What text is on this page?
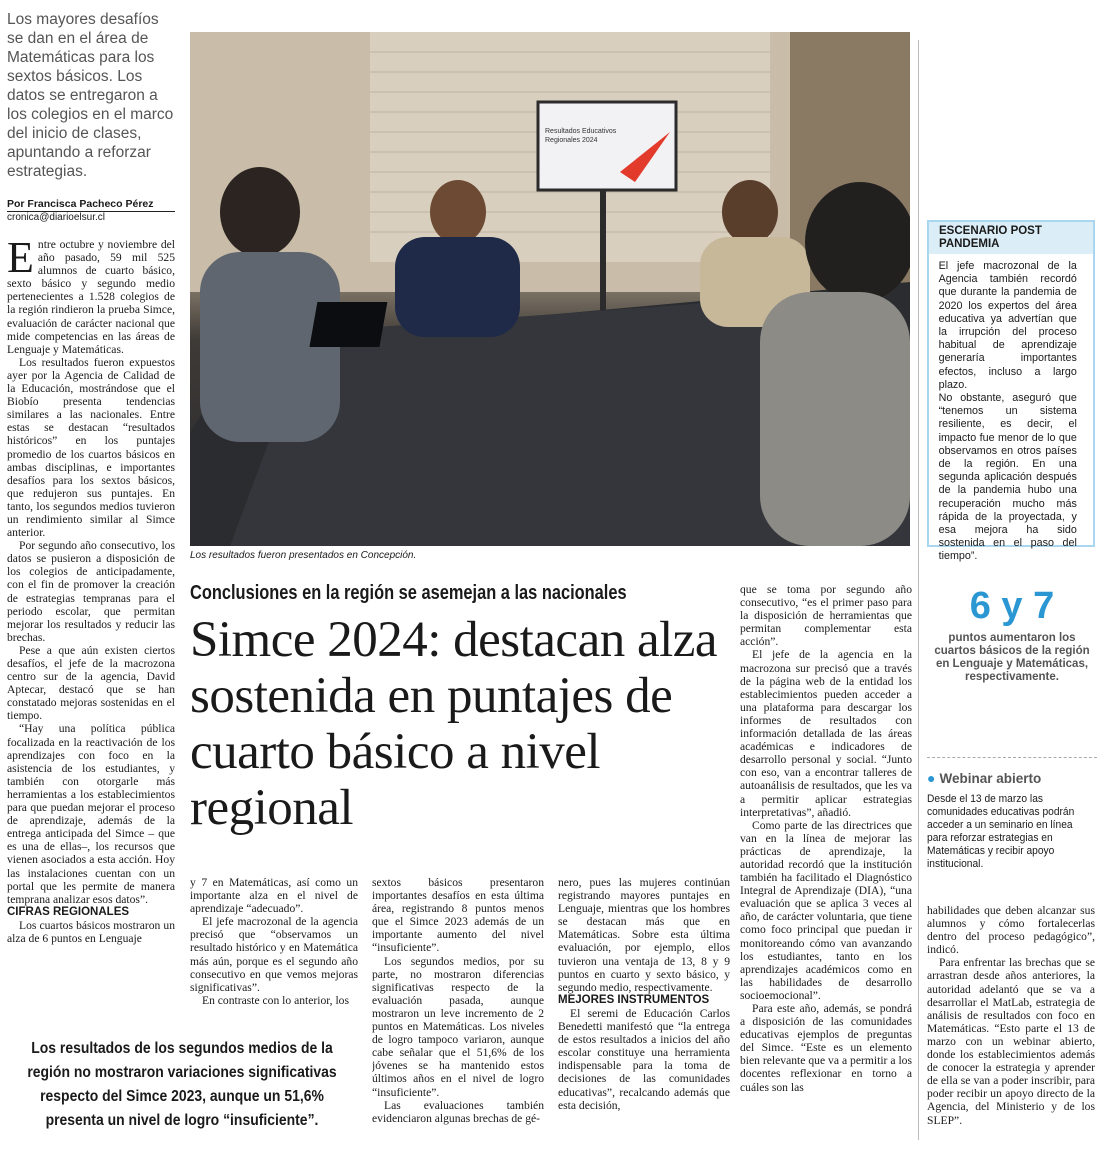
Los mayores desafíos se dan en el área de Matemáticas para los sextos básicos. Los datos se entregaron a los colegios en el marco del inicio de clases, apuntando a reforzar estrategias.
Por Francisca Pacheco Pérez
cronica@diarioelsur.cl

Entre octubre y noviembre del año pasado, 59 mil 525 alumnos de cuarto básico, sexto básico y segundo medio pertenecientes a 1.528 colegios de la región rindieron la prueba Simce, evaluación de carácter nacional que mide competencias en las áreas de Lenguaje y Matemáticas.

Los resultados fueron expuestos ayer por la Agencia de Calidad de la Educación, mostrándose que el Biobío presenta tendencias similares a las nacionales. Entre estas se destacan “resultados históricos” en los puntajes promedio de los cuartos básicos en ambas disciplinas, e importantes desafíos para los sextos básicos, que redujeron sus puntajes. En tanto, los segundos medios tuvieron un rendimiento similar al Simce anterior.

Por segundo año consecutivo, los datos se pusieron a disposición de los colegios de anticipadamente, con el fin de promover la creación de estrategias tempranas para el periodo escolar, que permitan mejorar los resultados y reducir las brechas.

Pese a que aún existen ciertos desafíos, el jefe de la macrozona centro sur de la agencia, David Aptecar, destacó que se han constatado mejoras sostenidas en el tiempo.

“Hay una política pública focalizada en la reactivación de los aprendizajes con foco en la asistencia de los estudiantes, y también con otorgarle más herramientas a los establecimientos para que puedan mejorar el proceso de aprendizaje, además de la entrega anticipada del Simce – que es una de ellas–, los recursos que vienen asociados a esta acción. Hoy las instalaciones cuentan con un portal que les permite de manera temprana analizar esos datos”.

CIFRAS REGIONALES

Los cuartos básicos mostraron un alza de 6 puntos en Lenguaje

Resultados Educativos Regionales 2024
Los resultados fueron presentados en Concepción.
Conclusiones en la región se asemejan a las nacionales
Simce 2024: destacan alza sostenida en puntajes de cuarto básico a nivel regional

que se toma por segundo año consecutivo, “es el primer paso para la disposición de herramientas que permitan complementar esta acción”.

El jefe de la agencia en la macrozona sur precisó que a través de la página web de la entidad los establecimientos pueden acceder a una plataforma para descargar los informes de resultados con información detallada de las áreas académicas e indicadores de desarrollo personal y social. “Junto con eso, van a encontrar talleres de autoanálisis de resultados, que les va a permitir aplicar estrategias interpretativas”, añadió.

Como parte de las directrices que van en la línea de mejorar las prácticas de aprendizaje, la autoridad recordó que la institución también ha facilitado el Diagnóstico Integral de Aprendizaje (DIA), “una evaluación que se aplica 3 veces al año, de carácter voluntaria, que tiene como foco principal que puedan ir monitoreando cómo van avanzando los estudiantes, tanto en los aprendizajes académicos como en las habilidades de desarrollo socioemocional”.

Para este año, además, se pondrá a disposición de las comunidades educativas ejemplos de preguntas del Simce. “Este es un elemento bien relevante que va a permitir a los docentes reflexionar en torno a cuáles son las

y 7 en Matemáticas, así como un importante alza en el nivel de aprendizaje “adecuado”.

El jefe macrozonal de la agencia precisó que “observamos un resultado histórico y en Matemática más aún, porque es el segundo año consecutivo en que vemos mejoras significativas”.

En contraste con lo anterior, los

sextos básicos presentaron importantes desafíos en esta última área, registrando 8 puntos menos que el Simce 2023 además de un importante aumento del nivel “insuficiente”.

Los segundos medios, por su parte, no mostraron diferencias significativas respecto de la evaluación pasada, aunque mostraron un leve incremento de 2 puntos en Matemáticas. Los niveles de logro tampoco variaron, aunque cabe señalar que el 51,6% de los jóvenes se ha mantenido estos últimos años en el nivel de logro “insuficiente”.

Las evaluaciones también evidenciaron algunas brechas de gé-

nero, pues las mujeres continúan registrando mayores puntajes en Lenguaje, mientras que los hombres se destacan más que en Matemáticas. Sobre esta última evaluación, por ejemplo, ellos tuvieron una ventaja de 13, 8 y 9 puntos en cuarto y sexto básico, y segundo medio, respectivamente.

MEJORES INSTRUMENTOS

El seremi de Educación Carlos Benedetti manifestó que “la entrega de estos resultados a inicios del año escolar constituye una herramienta indispensable para la toma de decisiones de las comunidades educativas”, recalcando además que esta decisión,

habilidades que deben alcanzar sus alumnos y cómo fortalecerlas dentro del proceso pedagógico”, indicó.

Para enfrentar las brechas que se arrastran desde años anteriores, la autoridad adelantó que se va a desarrollar el MatLab, estrategia de análisis de resultados con foco en Matemáticas. “Esto parte el 13 de marzo con un webinar abierto, donde los establecimientos además de conocer la estrategia y aprender de ella se van a poder inscribir, para poder recibir un apoyo directo de la Agencia, del Ministerio y de los SLEP”.

ESCENARIO POST PANDEMIA

El jefe macrozonal de la Agencia también recordó que durante la pandemia de 2020 los expertos del área educativa ya advertían que la irrupción del proceso habitual de aprendizaje generaría importantes efectos, incluso a largo plazo.

No obstante, aseguró que “tenemos un sistema resiliente, es decir, el impacto fue menor de lo que observamos en otros países de la región. En una segunda aplicación después de la pandemia hubo una recuperación mucho más rápida de la proyectada, y esa mejora ha sido sostenida en el paso del tiempo”.

6 y 7
puntos aumentaron los cuartos básicos de la región en Lenguaje y Matemáticas, respectivamente.
● Webinar abierto
Desde el 13 de marzo las comunidades educativas podrán acceder a un seminario en línea para reforzar estrategias en Matemáticas y recibir apoyo institucional.
Los resultados de los segundos medios de la región no mostraron variaciones significativas respecto del Simce 2023, aunque un 51,6% presenta un nivel de logro “insuficiente”.
